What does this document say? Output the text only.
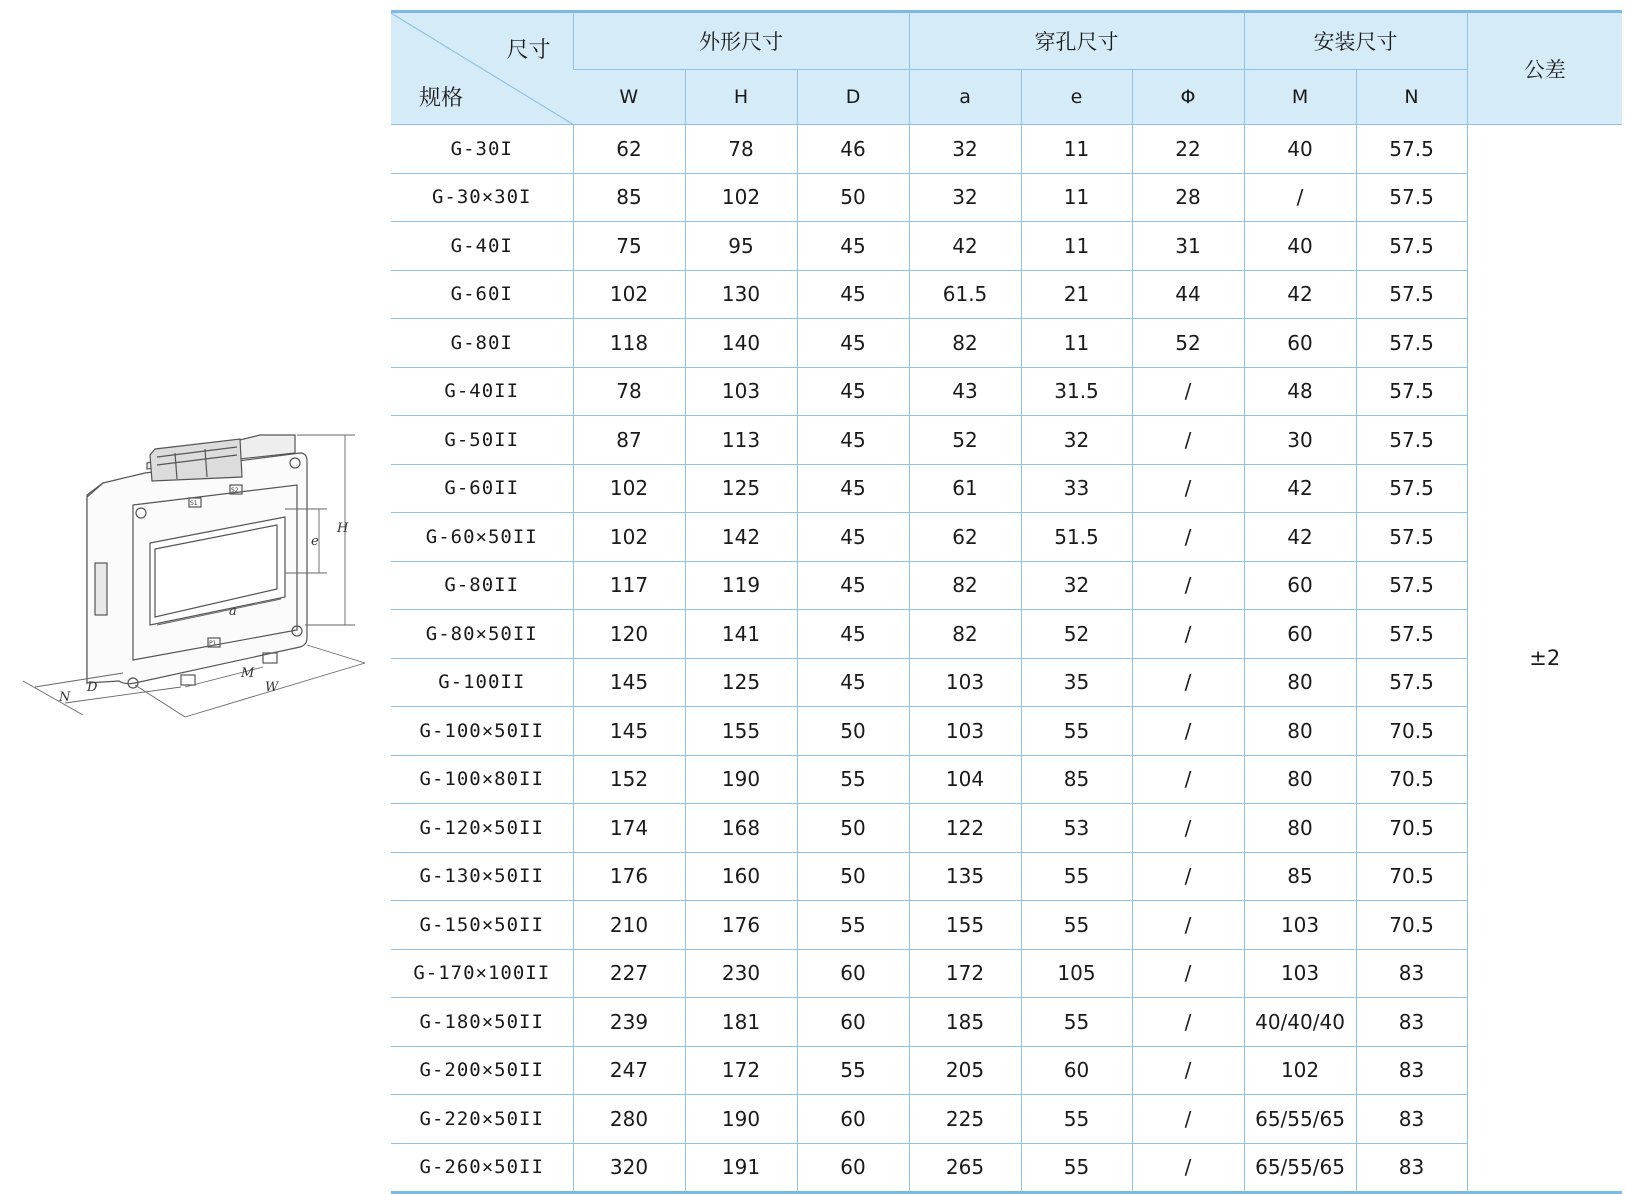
H
e
a
M
W
D
N
S1
S2
P1
尺寸
规格	外形尺寸			穿孔尺寸			安装尺寸		公差
	W	H	D	a	e	Φ	M	N	
G-30I	62	78	46	32	11	22	40	57.5	±2
G-30×30I	85	102	50	32	11	28	/	57.5	
G-40I	75	95	45	42	11	31	40	57.5	
G-60I	102	130	45	61.5	21	44	42	57.5	
G-80I	118	140	45	82	11	52	60	57.5	
G-40II	78	103	45	43	31.5	/	48	57.5	
G-50II	87	113	45	52	32	/	30	57.5	
G-60II	102	125	45	61	33	/	42	57.5	
G-60×50II	102	142	45	62	51.5	/	42	57.5	
G-80II	117	119	45	82	32	/	60	57.5	
G-80×50II	120	141	45	82	52	/	60	57.5	
G-100II	145	125	45	103	35	/	80	57.5	
G-100×50II	145	155	50	103	55	/	80	70.5	
G-100×80II	152	190	55	104	85	/	80	70.5	
G-120×50II	174	168	50	122	53	/	80	70.5	
G-130×50II	176	160	50	135	55	/	85	70.5	
G-150×50II	210	176	55	155	55	/	103	70.5	
G-170×100II	227	230	60	172	105	/	103	83	
G-180×50II	239	181	60	185	55	/	40/40/40	83	
G-200×50II	247	172	55	205	60	/	102	83	
G-220×50II	280	190	60	225	55	/	65/55/65	83	
G-260×50II	320	191	60	265	55	/	65/55/65	83	
